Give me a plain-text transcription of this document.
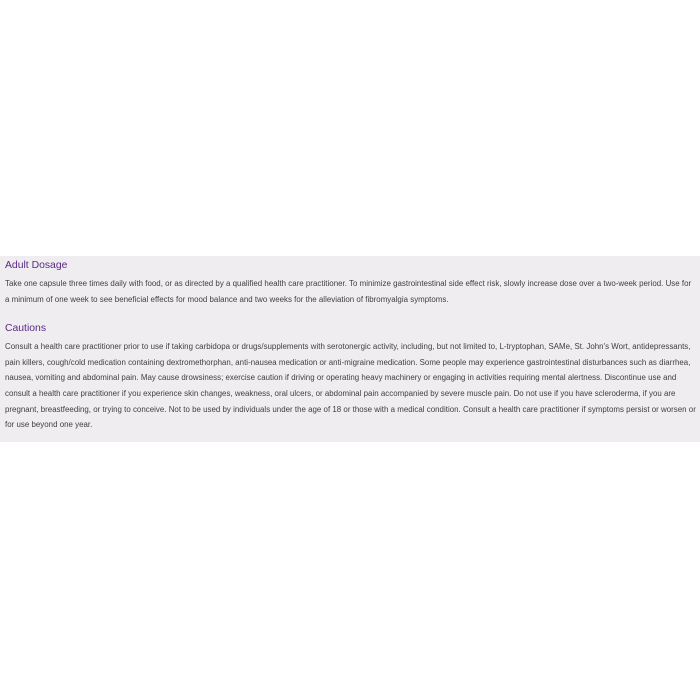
Adult Dosage

Take one capsule three times daily with food, or as directed by a qualified health care practitioner. To minimize gastrointestinal side effect risk, slowly increase dose over a two-week period. Use for a minimum of one week to see beneficial effects for mood balance and two weeks for the alleviation of fibromyalgia symptoms.

Cautions

Consult a health care practitioner prior to use if taking carbidopa or drugs/supplements with serotonergic activity, including, but not limited to, L-tryptophan, SAMe, St. John's Wort, antidepressants, pain killers, cough/cold medication containing dextromethorphan, anti-nausea medication or anti-migraine medication. Some people may experience gastrointestinal disturbances such as diarrhea, nausea, vomiting and abdominal pain. May cause drowsiness; exercise caution if driving or operating heavy machinery or engaging in activities requiring mental alertness. Discontinue use and consult a health care practitioner if you experience skin changes, weakness, oral ulcers, or abdominal pain accompanied by severe muscle pain. Do not use if you have scleroderma, if you are pregnant, breastfeeding, or trying to conceive. Not to be used by individuals under the age of 18 or those with a medical condition. Consult a health care practitioner if symptoms persist or worsen or for use beyond one year.
